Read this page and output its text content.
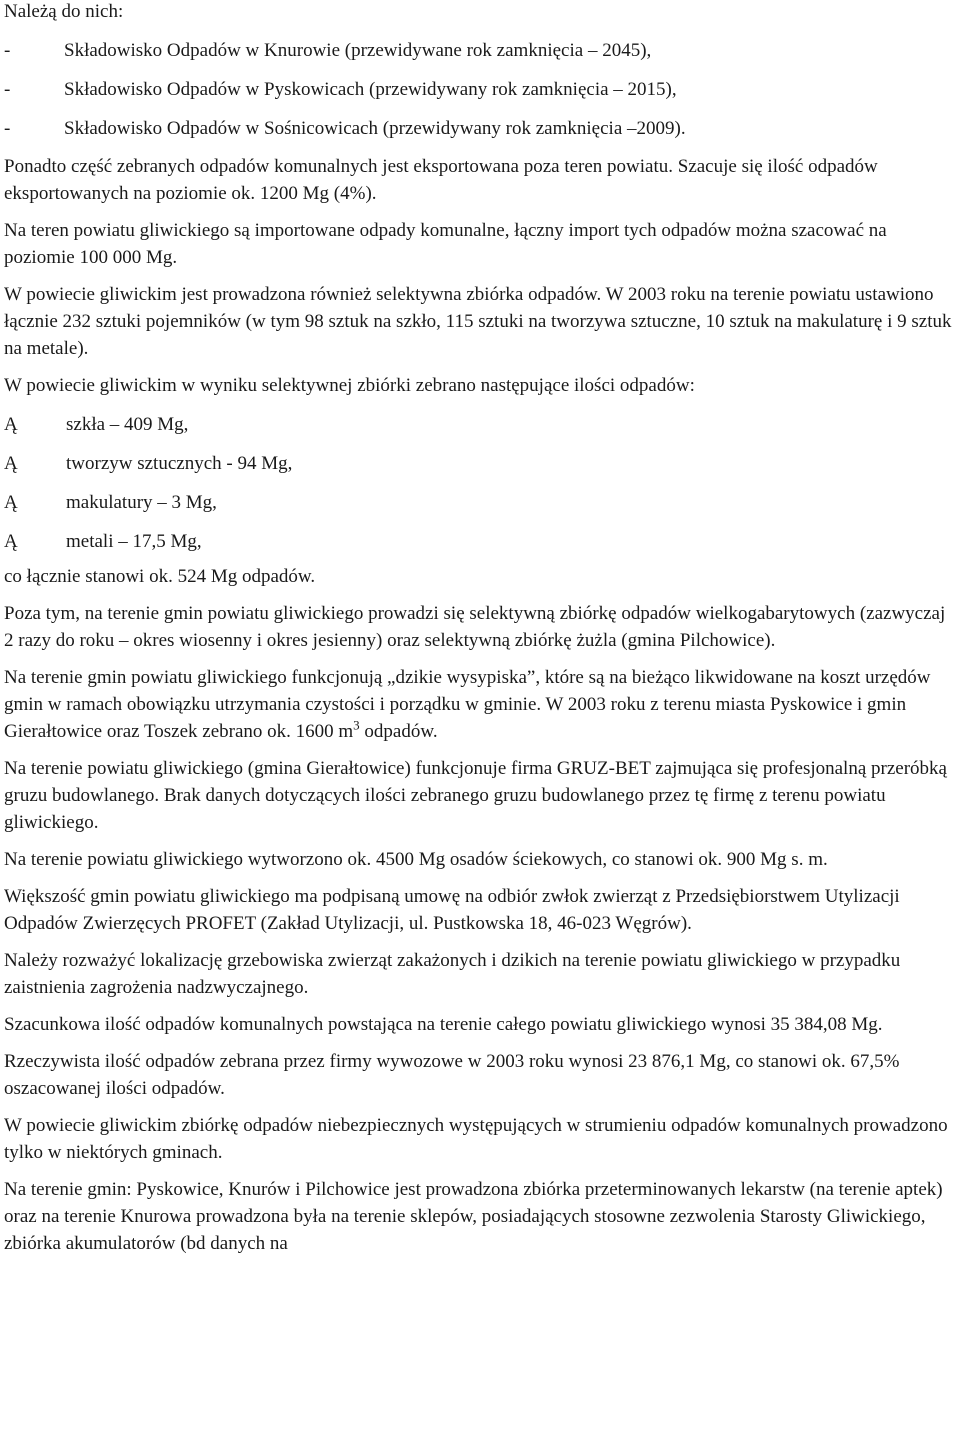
Należą do nich:

-	Składowisko Odpadów w Knurowie (przewidywane rok zamknięcia – 2045),
-	Składowisko Odpadów w Pyskowicach (przewidywany rok zamknięcia – 2015),
-	Składowisko Odpadów w Sośnicowicach (przewidywany rok zamknięcia –2009).

Ponadto część zebranych odpadów komunalnych jest eksportowana poza teren powiatu. Szacuje się ilość odpadów eksportowanych na poziomie ok. 1200 Mg (4%).

Na teren powiatu gliwickiego są importowane odpady komunalne, łączny import tych odpadów można szacować na poziomie 100 000 Mg.

W powiecie gliwickim jest prowadzona również selektywna zbiórka odpadów. W 2003 roku na terenie powiatu ustawiono łącznie 232 sztuki pojemników (w tym 98 sztuk na szkło, 115 sztuki na tworzywa sztuczne, 10 sztuk na makulaturę i 9 sztuk na metale).

W powiecie gliwickim w wyniku selektywnej zbiórki zebrano następujące ilości odpadów:

Ą	szkła – 409 Mg,
Ą	tworzyw sztucznych - 94 Mg,
Ą	makulatury – 3 Mg,
Ą	metali – 17,5 Mg,

co łącznie stanowi ok. 524 Mg odpadów.

Poza tym, na terenie gmin powiatu gliwickiego prowadzi się selektywną zbiórkę odpadów wielkogabarytowych (zazwyczaj 2 razy do roku – okres wiosenny i okres jesienny) oraz selektywną zbiórkę żużla (gmina Pilchowice).

Na terenie gmin powiatu gliwickiego funkcjonują „dzikie wysypiska”, które są na bieżąco likwidowane na koszt urzędów gmin w ramach obowiązku utrzymania czystości i porządku w gminie. W 2003 roku z terenu miasta Pyskowice i gmin Gierałtowice oraz Toszek zebrano ok. 1600 $m^3$ odpadów.

Na terenie powiatu gliwickiego (gmina Gierałtowice) funkcjonuje firma GRUZ-BET zajmująca się profesjonalną przeróbką gruzu budowlanego. Brak danych dotyczących ilości zebranego gruzu budowlanego przez tę firmę z terenu powiatu gliwickiego.

Na terenie powiatu gliwickiego wytworzono ok. 4500 Mg osadów ściekowych, co stanowi ok. 900 Mg s. m.

Większość gmin powiatu gliwickiego ma podpisaną umowę na odbiór zwłok zwierząt z Przedsiębiorstwem Utylizacji Odpadów Zwierzęcych PROFET (Zakład Utylizacji, ul. Pustkowska 18, 46-023 Węgrów).

Należy rozważyć lokalizację grzebowiska zwierząt zakażonych i dzikich na terenie powiatu gliwickiego w przypadku zaistnienia zagrożenia nadzwyczajnego.

Szacunkowa ilość odpadów komunalnych powstająca na terenie całego powiatu gliwickiego wynosi 35 384,08 Mg.

Rzeczywista ilość odpadów zebrana przez firmy wywozowe w 2003 roku wynosi 23 876,1 Mg, co stanowi ok. 67,5% oszacowanej ilości odpadów.

W powiecie gliwickim zbiórkę odpadów niebezpiecznych występujących w strumieniu odpadów komunalnych prowadzono tylko w niektórych gminach.

Na terenie gmin: Pyskowice, Knurów i Pilchowice jest prowadzona zbiórka przeterminowanych lekarstw (na terenie aptek) oraz na terenie Knurowa prowadzona była na terenie sklepów, posiadających stosowne zezwolenia Starosty Gliwickiego, zbiórka akumulatorów (bd danych na
